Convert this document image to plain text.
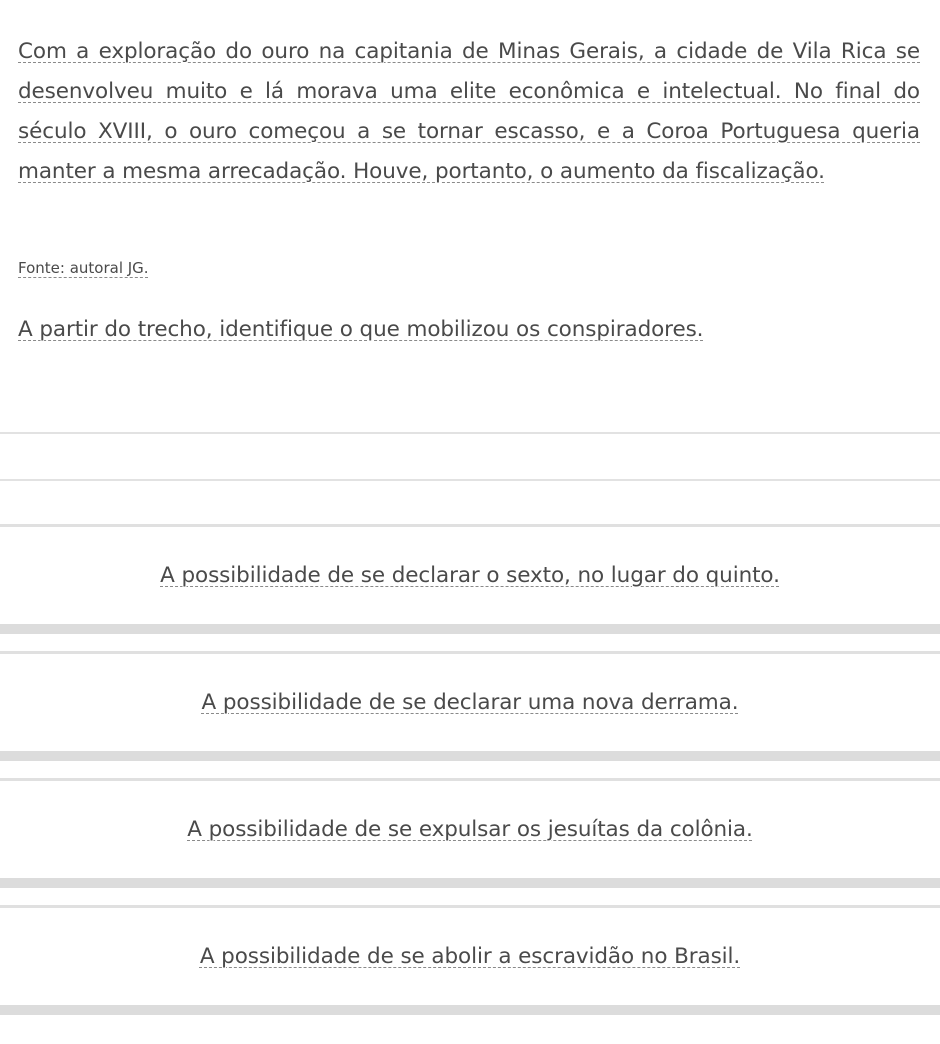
Com a exploração do ouro na capitania de Minas Gerais, a cidade de Vila Rica se desenvolveu muito e lá morava uma elite econômica e intelectual. No final do século XVIII, o ouro começou a se tornar escasso, e a Coroa Portuguesa queria manter a mesma arrecadação. Houve, portanto, o aumento da fiscalização.

Fonte: autoral JG.

A partir do trecho, identifique o que mobilizou os conspiradores.

A possibilidade de se declarar o sexto, no lugar do quinto.
A possibilidade de se declarar uma nova derrama.
A possibilidade de se expulsar os jesuítas da colônia.
A possibilidade de se abolir a escravidão no Brasil.
